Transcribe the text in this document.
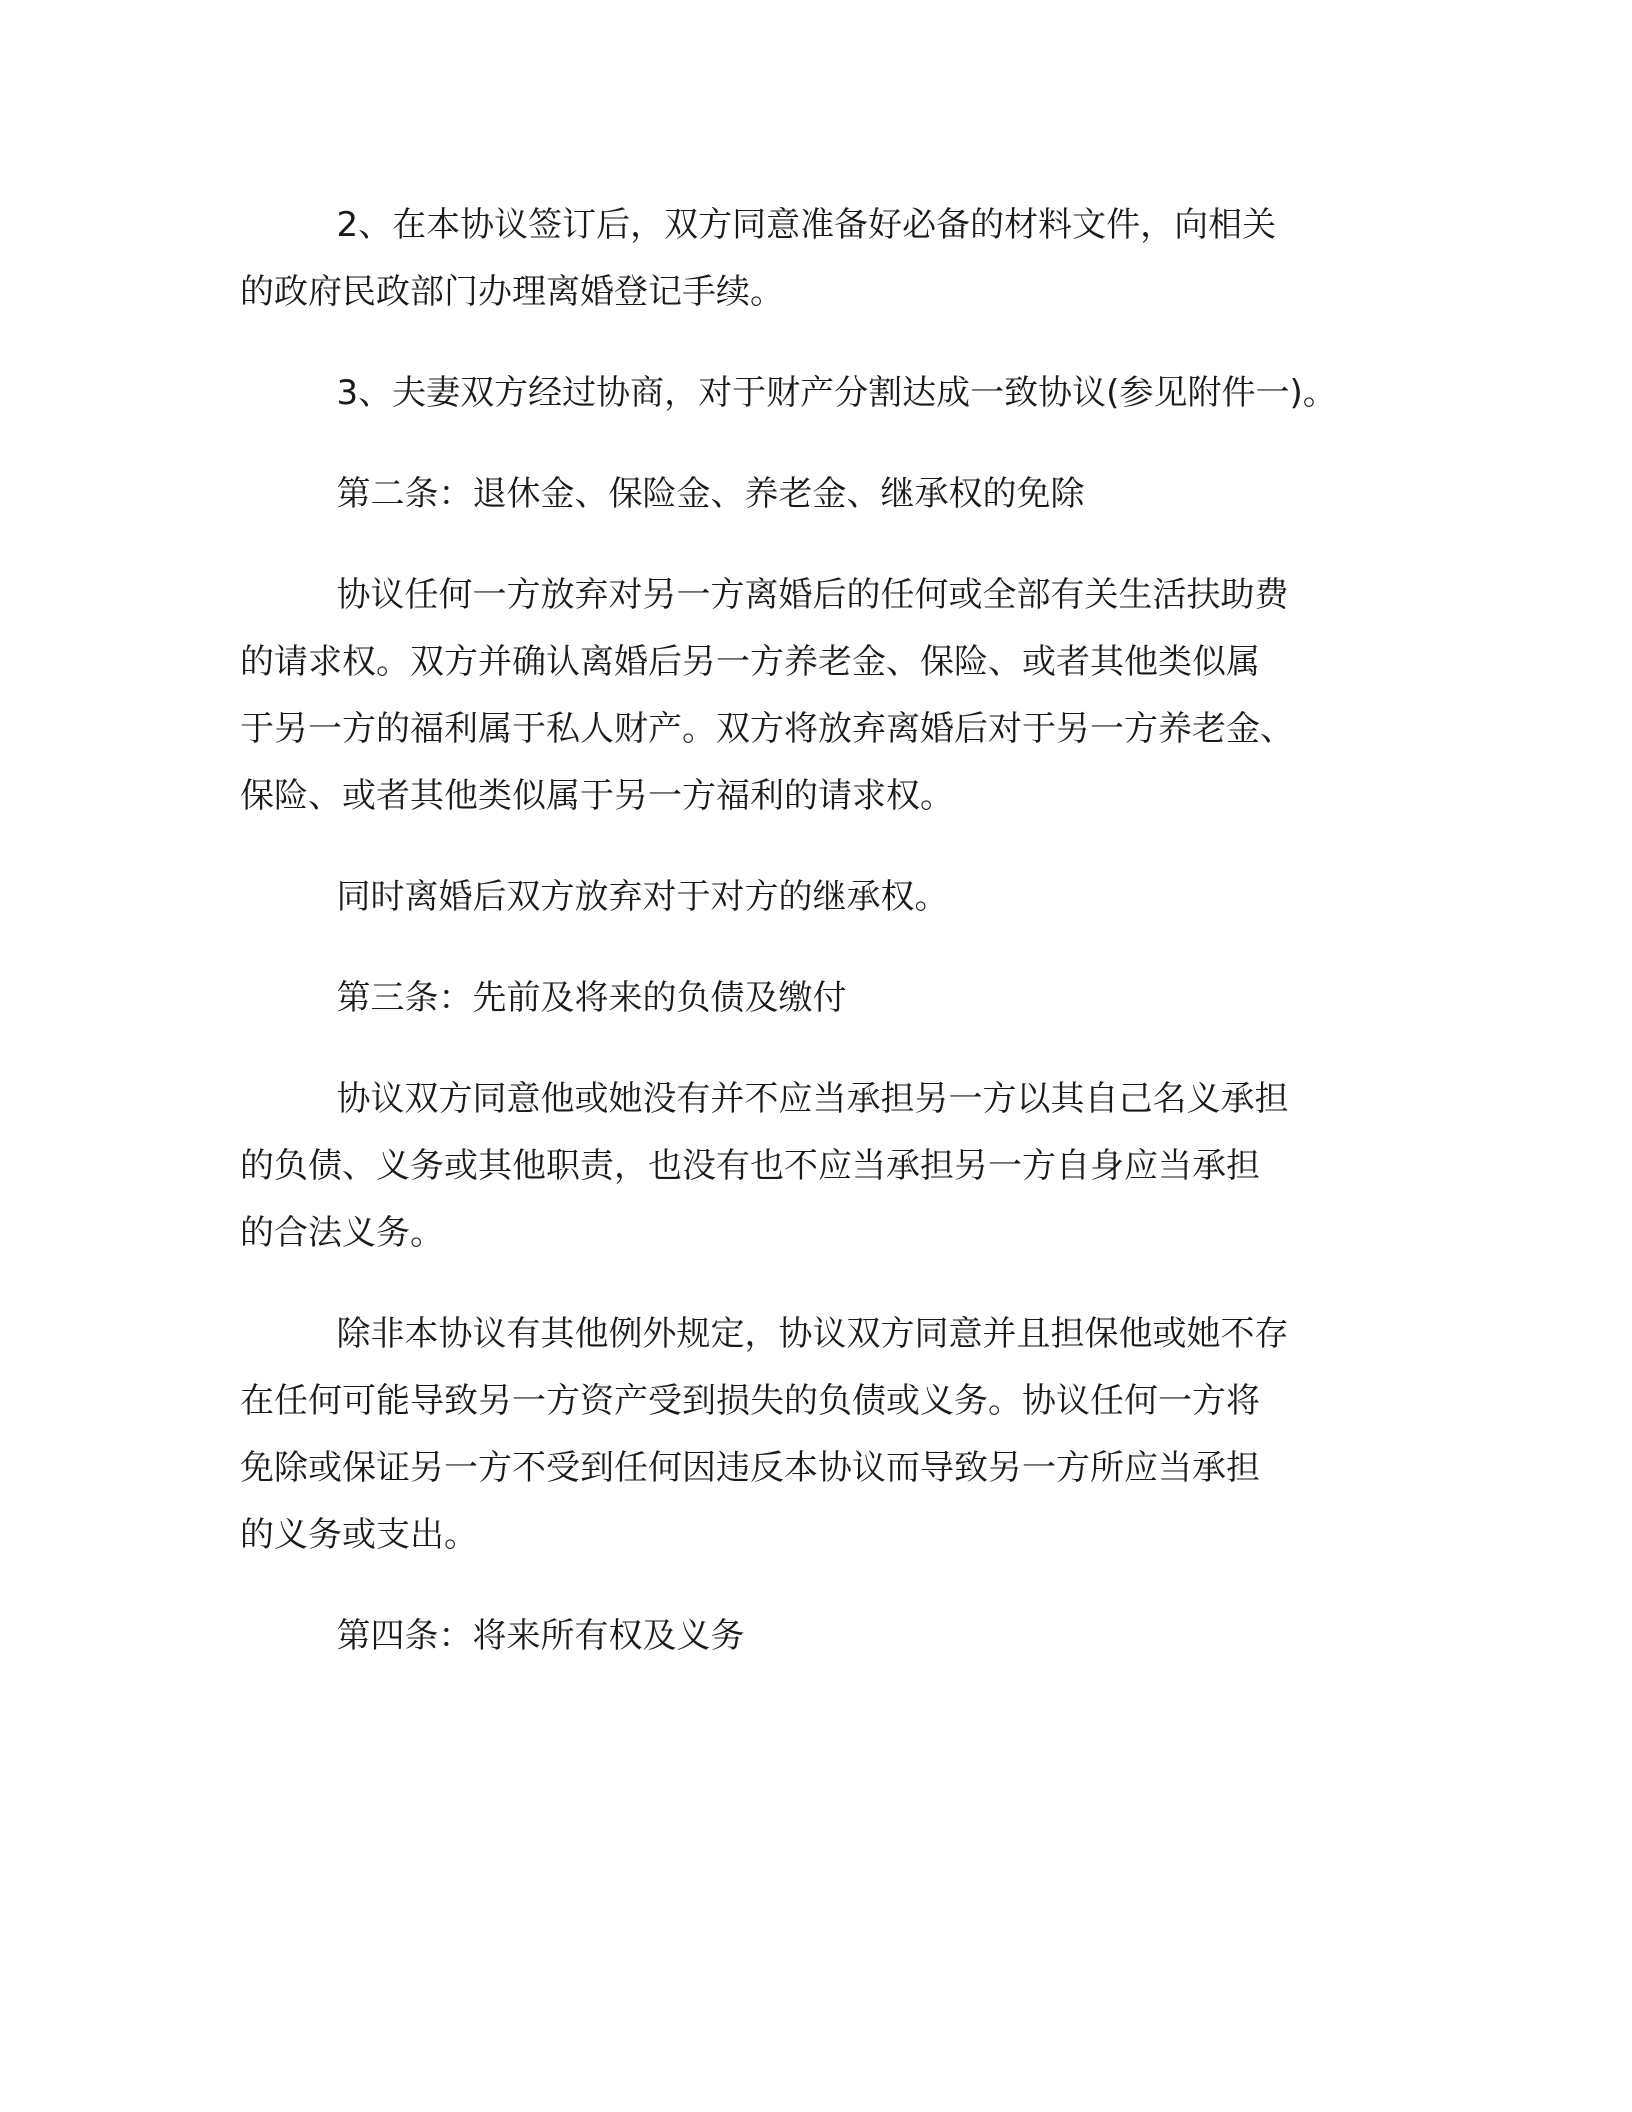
2、在本协议签订后，双方同意准备好必备的材料文件，向相关
的政府民政部门办理离婚登记手续。

3、夫妻双方经过协商，对于财产分割达成一致协议(参见附件一)。

第二条：退休金、保险金、养老金、继承权的免除

协议任何一方放弃对另一方离婚后的任何或全部有关生活扶助费
的请求权。双方并确认离婚后另一方养老金、保险、或者其他类似属
于另一方的福利属于私人财产。双方将放弃离婚后对于另一方养老金、
保险、或者其他类似属于另一方福利的请求权。

同时离婚后双方放弃对于对方的继承权。

第三条：先前及将来的负债及缴付

协议双方同意他或她没有并不应当承担另一方以其自己名义承担
的负债、义务或其他职责，也没有也不应当承担另一方自身应当承担
的合法义务。

除非本协议有其他例外规定，协议双方同意并且担保他或她不存
在任何可能导致另一方资产受到损失的负债或义务。协议任何一方将
免除或保证另一方不受到任何因违反本协议而导致另一方所应当承担
的义务或支出。

第四条：将来所有权及义务
